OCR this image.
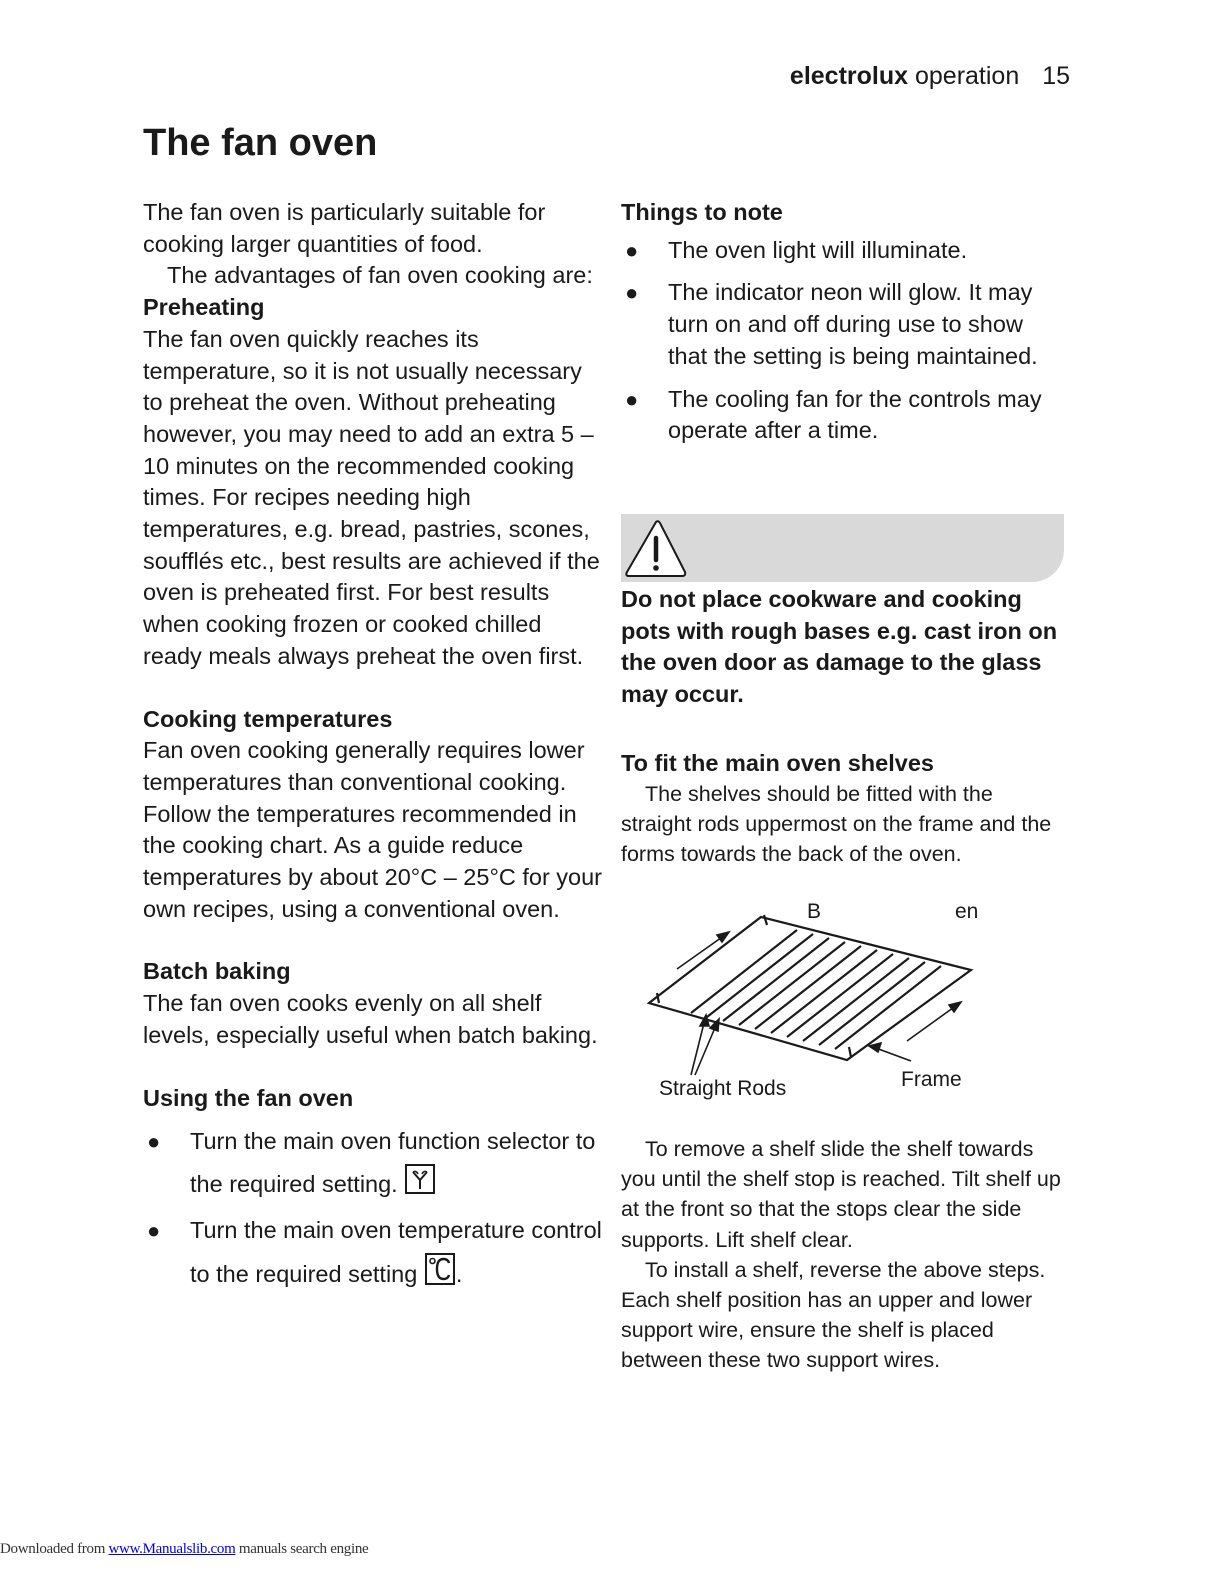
electrolux operation 15
The fan oven

The fan oven is particularly suitable for cooking larger quantities of food.

The advantages of fan oven cooking are:

Preheating

The fan oven quickly reaches its temperature, so it is not usually necessary to preheat the oven. Without preheating however, you may need to add an extra 5 – 10 minutes on the recommended cooking times. For recipes needing high temperatures, e.g. bread, pastries, scones, soufflés etc., best results are achieved if the oven is preheated first. For best results when cooking frozen or cooked chilled ready meals always preheat the oven first.

Cooking temperatures

Fan oven cooking generally requires lower temperatures than conventional cooking. Follow the temperatures recommended in the cooking chart. As a guide reduce temperatures by about 20°C – 25°C for your own recipes, using a conventional oven.

Batch baking

The fan oven cooks evenly on all shelf levels, especially useful when batch baking.

Using the fan oven
● Turn the main oven function selector to the required setting.
● Turn the main oven temperature control to the required setting .
Things to note
● The oven light will illuminate.
● The indicator neon will glow. It may turn on and off during use to show that the setting is being maintained.
● The cooling fan for the controls may operate after a time.
Do not place cookware and cooking pots with rough bases e.g. cast iron on the oven door as damage to the glass may occur.
To fit the main oven shelves

The shelves should be fitted with the straight rods uppermost on the frame and the forms towards the back of the oven.

B	en
Straight Rods	Frame

To remove a shelf slide the shelf towards you until the shelf stop is reached. Tilt shelf up at the front so that the stops clear the side supports. Lift shelf clear.

To install a shelf, reverse the above steps. Each shelf position has an upper and lower support wire, ensure the shelf is placed between these two support wires.

Downloaded from www.Manualslib.com manuals search engine
